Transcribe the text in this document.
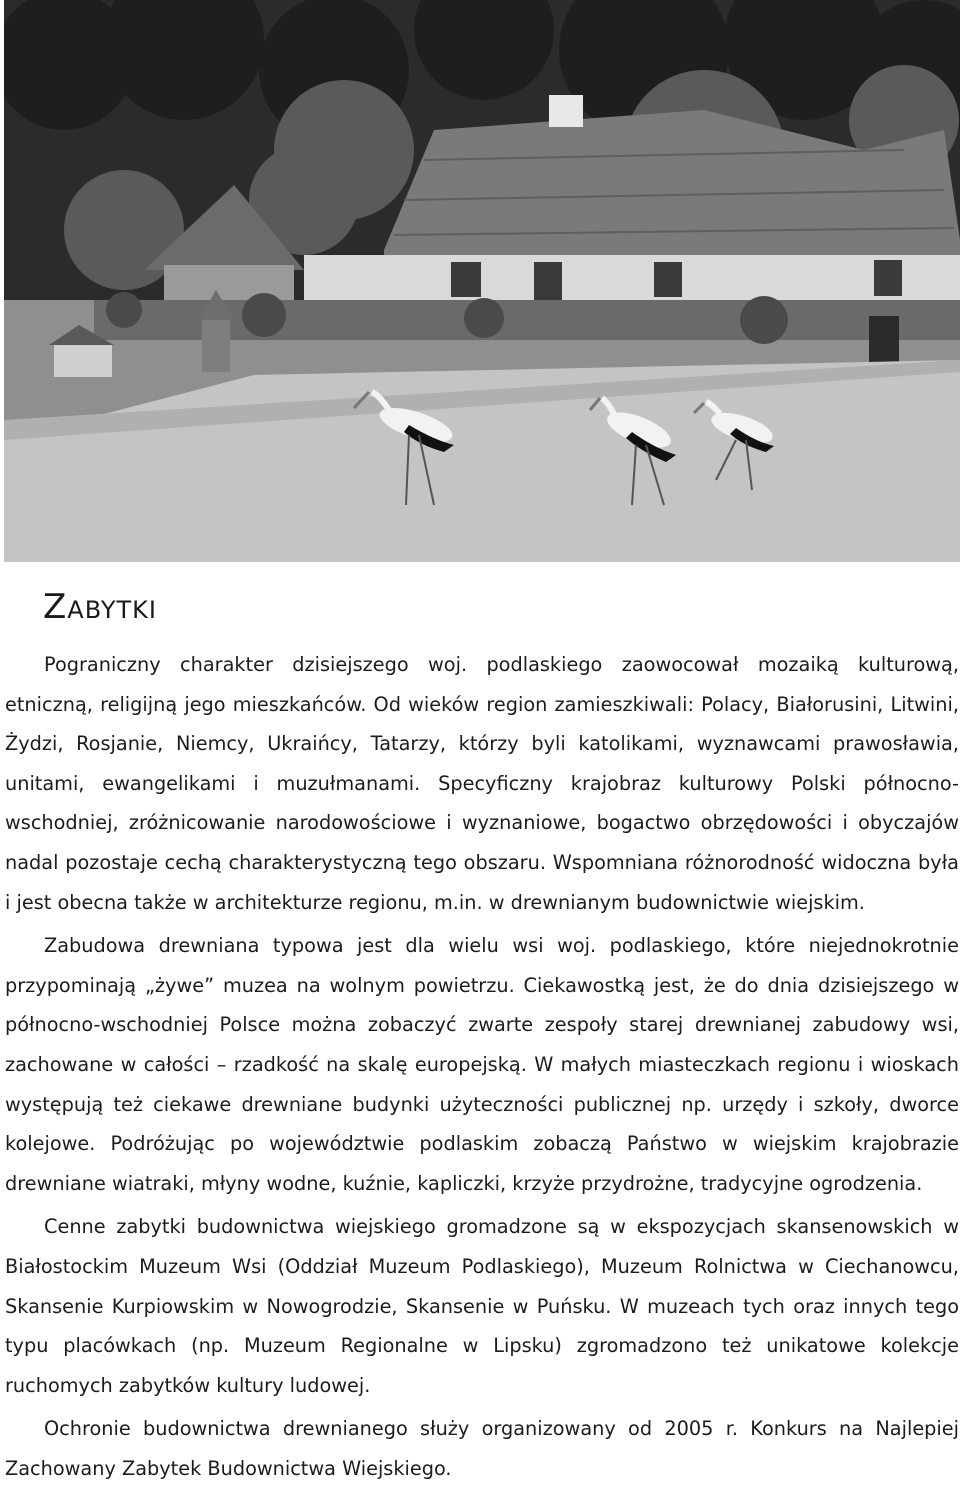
Zabytki

Pograniczny charakter dzisiejszego woj. podlaskiego zaowocował mozaiką kulturową, etniczną, religijną jego mieszkańców. Od wieków region zamieszkiwali: Polacy, Białorusini, Litwini, Żydzi, Rosjanie, Niemcy, Ukraińcy, Tatarzy, którzy byli katolikami, wyznawcami prawosławia, unitami, ewangelikami i muzułmanami. Specyficzny krajobraz kulturowy Polski północno-wschodniej, zróżnicowanie narodowościowe i wyznaniowe, bogactwo obrzędowości i obyczajów nadal pozostaje cechą charakterystyczną tego obszaru. Wspomniana różnorodność widoczna była i jest obecna także w architekturze regionu, m.in. w drewnianym budownictwie wiejskim.

Zabudowa drewniana typowa jest dla wielu wsi woj. podlaskiego, które niejednokrotnie przypominają „żywe” muzea na wolnym powietrzu. Ciekawostką jest, że do dnia dzisiejszego w północno-wschodniej Polsce można zobaczyć zwarte zespoły starej drewnianej zabudowy wsi, zachowane w całości – rzadkość na skalę europejską. W małych miasteczkach regionu i wioskach występują też ciekawe drewniane budynki użyteczności publicznej np. urzędy i szkoły, dworce kolejowe. Podróżując po województwie podlaskim zobaczą Państwo w wiejskim krajobrazie drewniane wiatraki, młyny wodne, kuźnie, kapliczki, krzyże przydrożne, tradycyjne ogrodzenia.

Cenne zabytki budownictwa wiejskiego gromadzone są w ekspozycjach skansenowskich w Białostockim Muzeum Wsi (Oddział Muzeum Podlaskiego), Muzeum Rolnictwa w Ciechanowcu, Skansenie Kurpiowskim w Nowogrodzie, Skansenie w Puńsku. W muzeach tych oraz innych tego typu placówkach (np. Muzeum Regionalne w Lipsku) zgromadzono też unikatowe kolekcje ruchomych zabytków kultury ludowej.

Ochronie budownictwa drewnianego służy organizowany od 2005 r. Konkurs na Najlepiej Zachowany Zabytek Budownictwa Wiejskiego.
